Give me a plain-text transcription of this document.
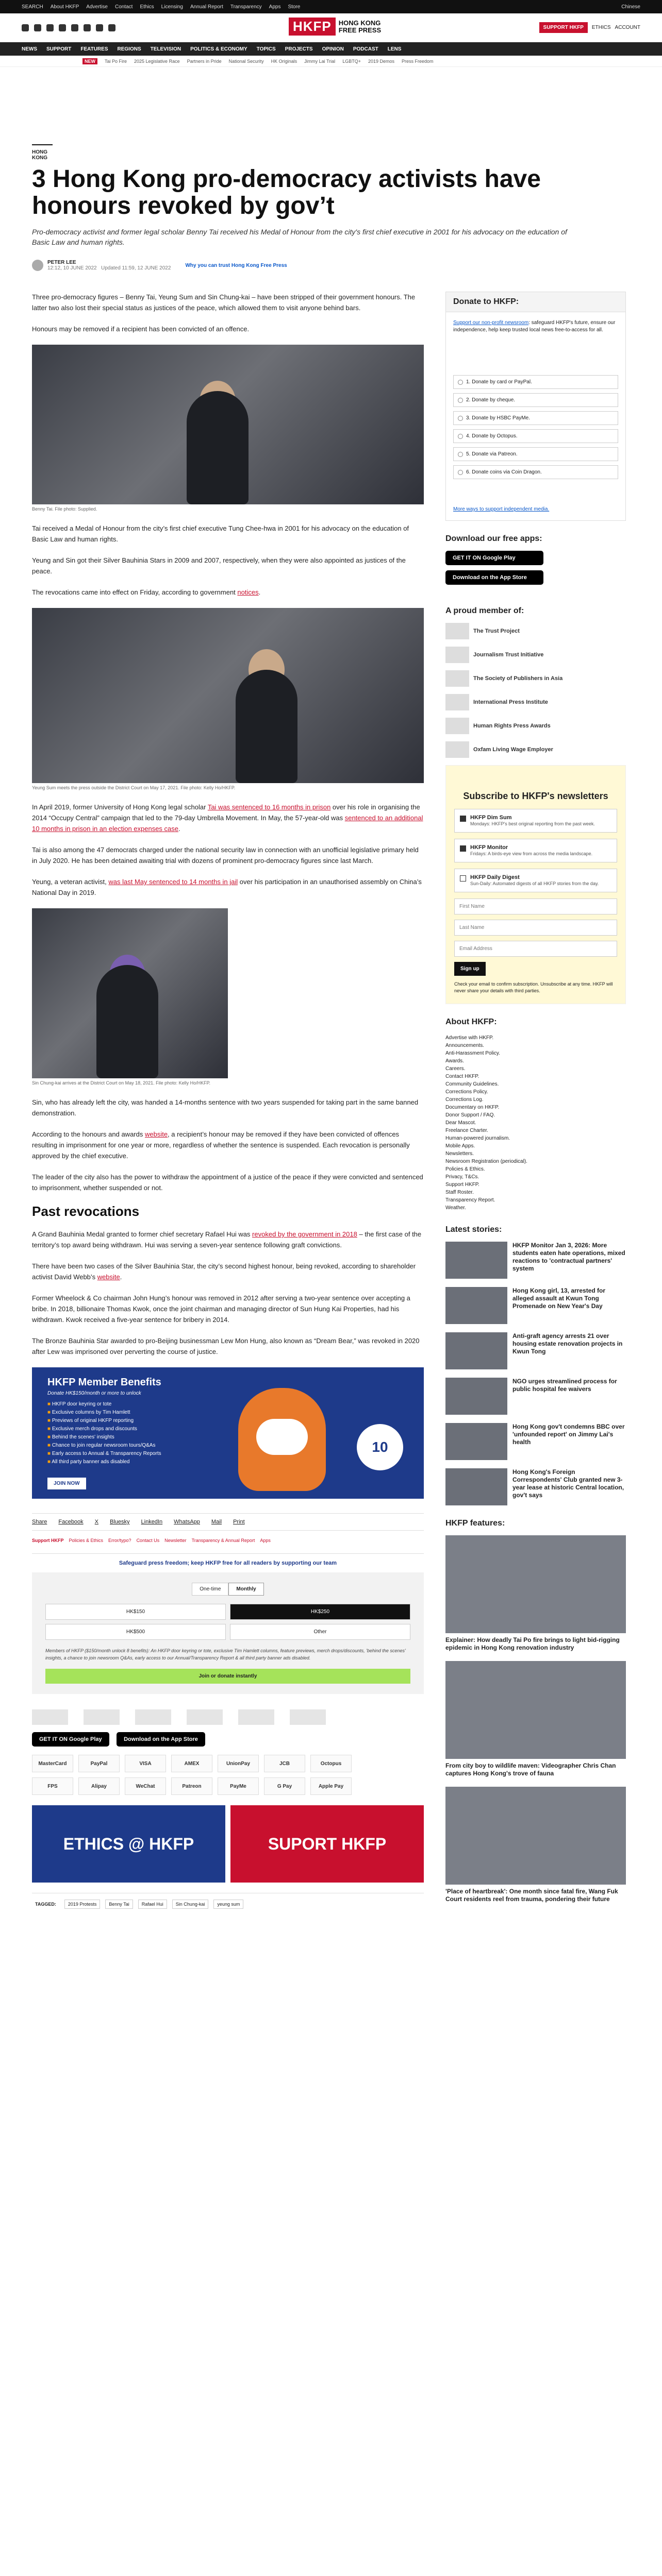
SEARCH About HKFP Advertise Contact Ethics Licensing Annual Report Transparency Apps Store	Chinese
HKFP	HONG KONG
FREE PRESS	SUPPORT HKFP	ETHICS ACCOUNT
NEWS SUPPORT FEATURES REGIONS TELEVISION POLITICS & ECONOMY TOPICS PROJECTS OPINION PODCAST LENS
NEW	Tai Po Fire 2025 Legislative Race Partners in Pride National Security HK Originals Jimmy Lai Trial LGBTQ+ 2019 Demos Press Freedom
HONG KONG
3 Hong Kong pro-democracy activists have honours revoked by gov’t
Pro-democracy activist and former legal scholar Benny Tai received his Medal of Honour from the city's first chief executive in 2001 for his advocacy on the education of Basic Law and human rights.
PETER LEE
12:12, 10 JUNE 2022 Updated 11:59, 12 JUNE 2022	Why you can trust Hong Kong Free Press

Three pro-democracy figures – Benny Tai, Yeung Sum and Sin Chung-kai – have been stripped of their government honours. The latter two also lost their special status as justices of the peace, which allowed them to visit anyone behind bars.

Honours may be removed if a recipient has been convicted of an offence.

Benny Tai. File photo: Supplied.

Tai received a Medal of Honour from the city’s first chief executive Tung Chee-hwa in 2001 for his advocacy on the education of Basic Law and human rights.

Yeung and Sin got their Silver Bauhinia Stars in 2009 and 2007, respectively, when they were also appointed as justices of the peace.

The revocations came into effect on Friday, according to government notices.

Yeung Sum meets the press outside the District Court on May 17, 2021. File photo: Kelly Ho/HKFP.

In April 2019, former University of Hong Kong legal scholar Tai was sentenced to 16 months in prison over his role in organising the 2014 “Occupy Central” campaign that led to the 79-day Umbrella Movement. In May, the 57-year-old was sentenced to an additional 10 months in prison in an election expenses case.

Tai is also among the 47 democrats charged under the national security law in connection with an unofficial legislative primary held in July 2020. He has been detained awaiting trial with dozens of prominent pro-democracy figures since last March.

Yeung, a veteran activist, was last May sentenced to 14 months in jail over his participation in an unauthorised assembly on China’s National Day in 2019.

Sin Chung-kai arrives at the District Court on May 18, 2021. File photo: Kelly Ho/HKFP.

Sin, who has already left the city, was handed a 14-months sentence with two years suspended for taking part in the same banned demonstration.

According to the honours and awards website, a recipient’s honour may be removed if they have been convicted of offences resulting in imprisonment for one year or more, regardless of whether the sentence is suspended. Each revocation is personally approved by the chief executive.

The leader of the city also has the power to withdraw the appointment of a justice of the peace if they were convicted and sentenced to imprisonment, whether suspended or not.

Past revocations

A Grand Bauhinia Medal granted to former chief secretary Rafael Hui was revoked by the government in 2018 – the first case of the territory’s top award being withdrawn. Hui was serving a seven-year sentence following graft convictions.

There have been two cases of the Silver Bauhinia Star, the city’s second highest honour, being revoked, according to shareholder activist David Webb’s website.

Former Wheelock & Co chairman John Hung’s honour was removed in 2012 after serving a two-year sentence over accepting a bribe. In 2018, billionaire Thomas Kwok, once the joint chairman and managing director of Sun Hung Kai Properties, had his withdrawn. Kwok received a five-year sentence for bribery in 2014.

The Bronze Bauhinia Star awarded to pro-Beijing businessman Lew Mon Hung, also known as “Dream Bear,” was revoked in 2020 after Lew was imprisoned over perverting the course of justice.

HKFP Member Benefits
Donate HK$150/month or more to unlock
■ HKFP door keyring or tote
■ Exclusive columns by Tim Hamlett
■ Previews of original HKFP reporting
■ Exclusive merch drops and discounts
■ Behind the scenes' insights
■ Chance to join regular newsroom tours/Q&As
■ Early access to Annual & Transparency Reports
■ All third party banner ads disabled
10
JOIN NOW
Share Facebook X Bluesky LinkedIn WhatsApp Mail Print
Support HKFP Policies & Ethics Error/typo? Contact Us Newsletter Transparency & Annual Report Apps
Safeguard press freedom; keep HKFP free for all readers by supporting our team
One-time	Monthly
HK$150	HK$250
HK$500	Other
Members of HKFP ($150/month unlock 8 benefits): An HKFP door keyring or tote, exclusive Tim Hamlett columns, feature previews, merch drops/discounts, 'behind the scenes' insights, a chance to join newsroom Q&As, early access to our Annual/Transparency Report & all third party banner ads disabled.
Join or donate instantly
GET IT ON Google Play	Download on the App Store
MasterCard	PayPal	VISA	AMEX	UnionPay	JCB	Octopus
FPS	Alipay	WeChat	Patreon	PayMe	G Pay	Apple Pay
ETHICS @ HKFP	SUPORT HKFP
TAGGED:	2019 Protests	Benny Tai	Rafael Hui	Sin Chung-kai	yeung sum
Donate to HKFP:

Support our non-profit newsroom: safeguard HKFP's future, ensure our independence, help keep trusted local news free-to-access for all.

1. Donate by card or PayPal.
2. Donate by cheque.
3. Donate by HSBC PayMe.
4. Donate by Octopus.
5. Donate via Patreon.
6. Donate coins via Coin Dragon.
More ways to support independent media.
Download our free apps:
GET IT ON Google Play
Download on the App Store
A proud member of:
The Trust Project
Journalism Trust Initiative
The Society of Publishers in Asia
International Press Institute
Human Rights Press Awards
Oxfam Living Wage Employer
Subscribe to HKFP's newsletters
HKFP Dim Sum
Mondays: HKFP's best original reporting from the past week.
HKFP Monitor
Fridays: A birds-eye view from across the media landscape.
HKFP Daily Digest
Sun-Daily: Automated digests of all HKFP stories from the day.
First Name
Last Name
Email Address
Sign up
Check your email to confirm subscription. Unsubscribe at any time. HKFP will never share your details with third parties.
About HKFP:
Advertise with HKFP.
Announcements.
Anti-Harassment Policy.
Awards.
Careers.
Contact HKFP.
Community Guidelines.
Corrections Policy.
Corrections Log.
Documentary on HKFP.
Donor Support / FAQ.
Dear Mascot.
Freelance Charter.
Human-powered journalism.
Mobile Apps.
Newsletters.
Newsroom Registration (periodical).
Policies & Ethics.
Privacy, T&Cs.
Support HKFP.
Staff Roster.
Transparency Report.
Weather.
Latest stories:
HKFP Monitor Jan 3, 2026: More students eaten hate operations, mixed reactions to 'contractual partners' system
Hong Kong girl, 13, arrested for alleged assault at Kwun Tong Promenade on New Year's Day
Anti-graft agency arrests 21 over housing estate renovation projects in Kwun Tong
NGO urges streamlined process for public hospital fee waivers
Hong Kong gov't condemns BBC over 'unfounded report' on Jimmy Lai's health
Hong Kong's Foreign Correspondents' Club granted new 3-year lease at historic Central location, gov't says
HKFP features:
Explainer: How deadly Tai Po fire brings to light bid-rigging epidemic in Hong Kong renovation industry
From city boy to wildlife maven: Videographer Chris Chan captures Hong Kong's trove of fauna
'Place of heartbreak': One month since fatal fire, Wang Fuk Court residents reel from trauma, pondering their future
